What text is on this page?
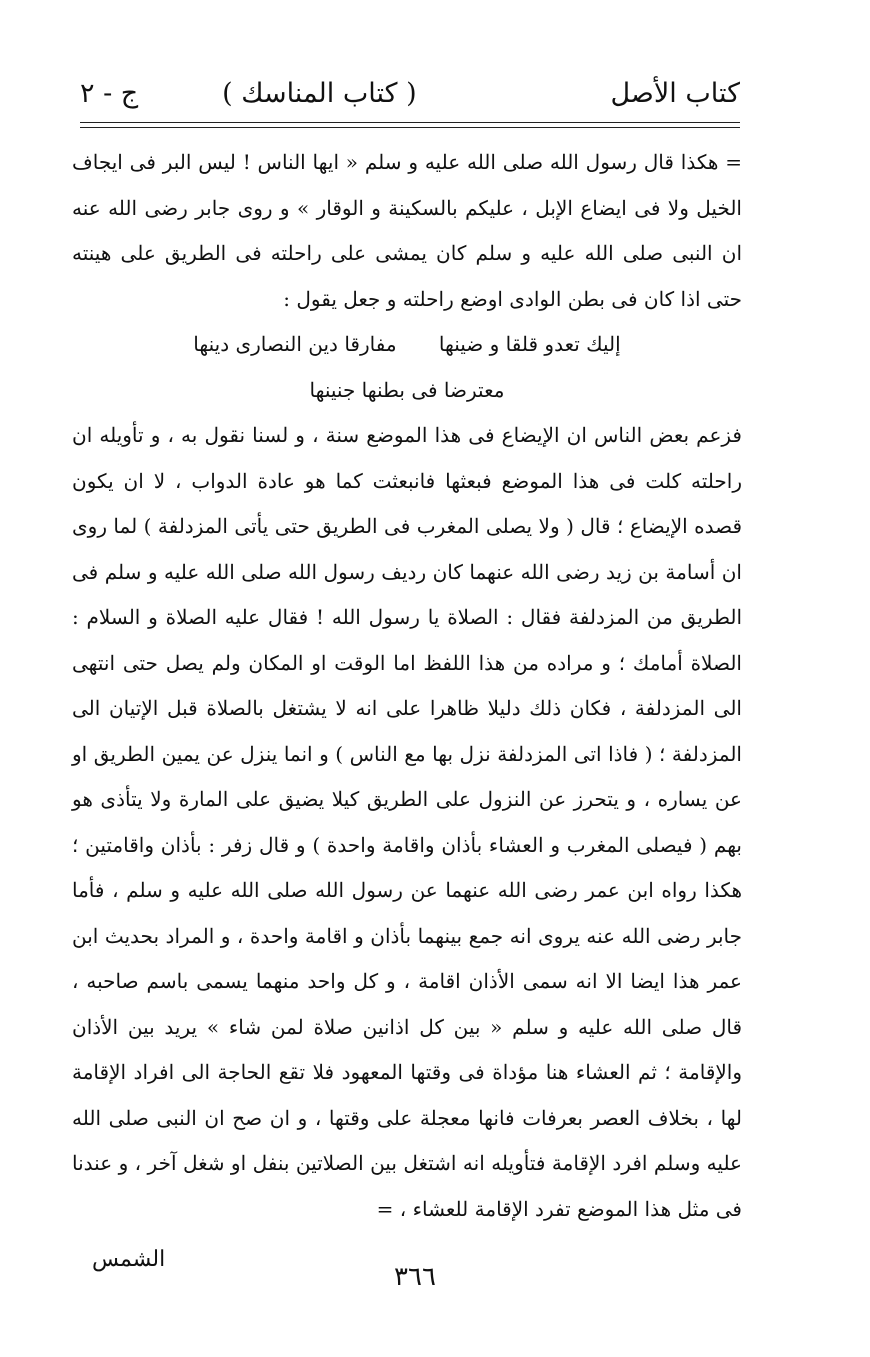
كتاب الأصل
( كتاب المناسك )
ج - ٢

= هكذا قال رسول الله صلى الله عليه و سلم « ايها الناس ! ليس البر فى ايجاف الخيل ولا فى ايضاع الإبل ، عليكم بالسكينة و الوقار » و روى جابر رضى الله عنه ان النبى صلى الله عليه و سلم كان يمشى على راحلته فى الطريق على هينته حتى اذا كان فى بطن الوادى اوضع راحلته و جعل يقول :

إليك تعدو قلقا و ضينها مفارقا دين النصارى دينها

معترضا فى بطنها جنينها

فزعم بعض الناس ان الإيضاع فى هذا الموضع سنة ، و لسنا نقول به ، و تأويله ان راحلته كلت فى هذا الموضع فبعثها فانبعثت كما هو عادة الدواب ، لا ان يكون قصده الإيضاع ؛ قال ( ولا يصلى المغرب فى الطريق حتى يأتى المزدلفة ) لما روى ان أسامة بن زيد رضى الله عنهما كان رديف رسول الله صلى الله عليه و سلم فى الطريق من المزدلفة فقال : الصلاة يا رسول الله ! فقال عليه الصلاة و السلام : الصلاة أمامك ؛ و مراده من هذا اللفظ اما الوقت او المكان ولم يصل حتى انتهى الى المزدلفة ، فكان ذلك دليلا ظاهرا على انه لا يشتغل بالصلاة قبل الإتيان الى المزدلفة ؛ ( فاذا اتى المزدلفة نزل بها مع الناس ) و انما ينزل عن يمين الطريق او عن يساره ، و يتحرز عن النزول على الطريق كيلا يضيق على المارة ولا يتأذى هو بهم ( فيصلى المغرب و العشاء بأذان واقامة واحدة ) و قال زفر : بأذان واقامتين ؛ هكذا رواه ابن عمر رضى الله عنهما عن رسول الله صلى الله عليه و سلم ، فأما جابر رضى الله عنه يروى انه جمع بينهما بأذان و اقامة واحدة ، و المراد بحديث ابن عمر هذا ايضا الا انه سمى الأذان اقامة ، و كل واحد منهما يسمى باسم صاحبه ، قال صلى الله عليه و سلم « بين كل اذانين صلاة لمن شاء » يريد بين الأذان والإقامة ؛ ثم العشاء هنا مؤداة فى وقتها المعهود فلا تقع الحاجة الى افراد الإقامة لها ، بخلاف العصر بعرفات فانها معجلة على وقتها ، و ان صح ان النبى صلى الله عليه وسلم افرد الإقامة فتأويله انه اشتغل بين الصلاتين بنفل او شغل آخر ، و عندنا فى مثل هذا الموضع تفرد الإقامة للعشاء ، =

الشمس
٣٦٦
